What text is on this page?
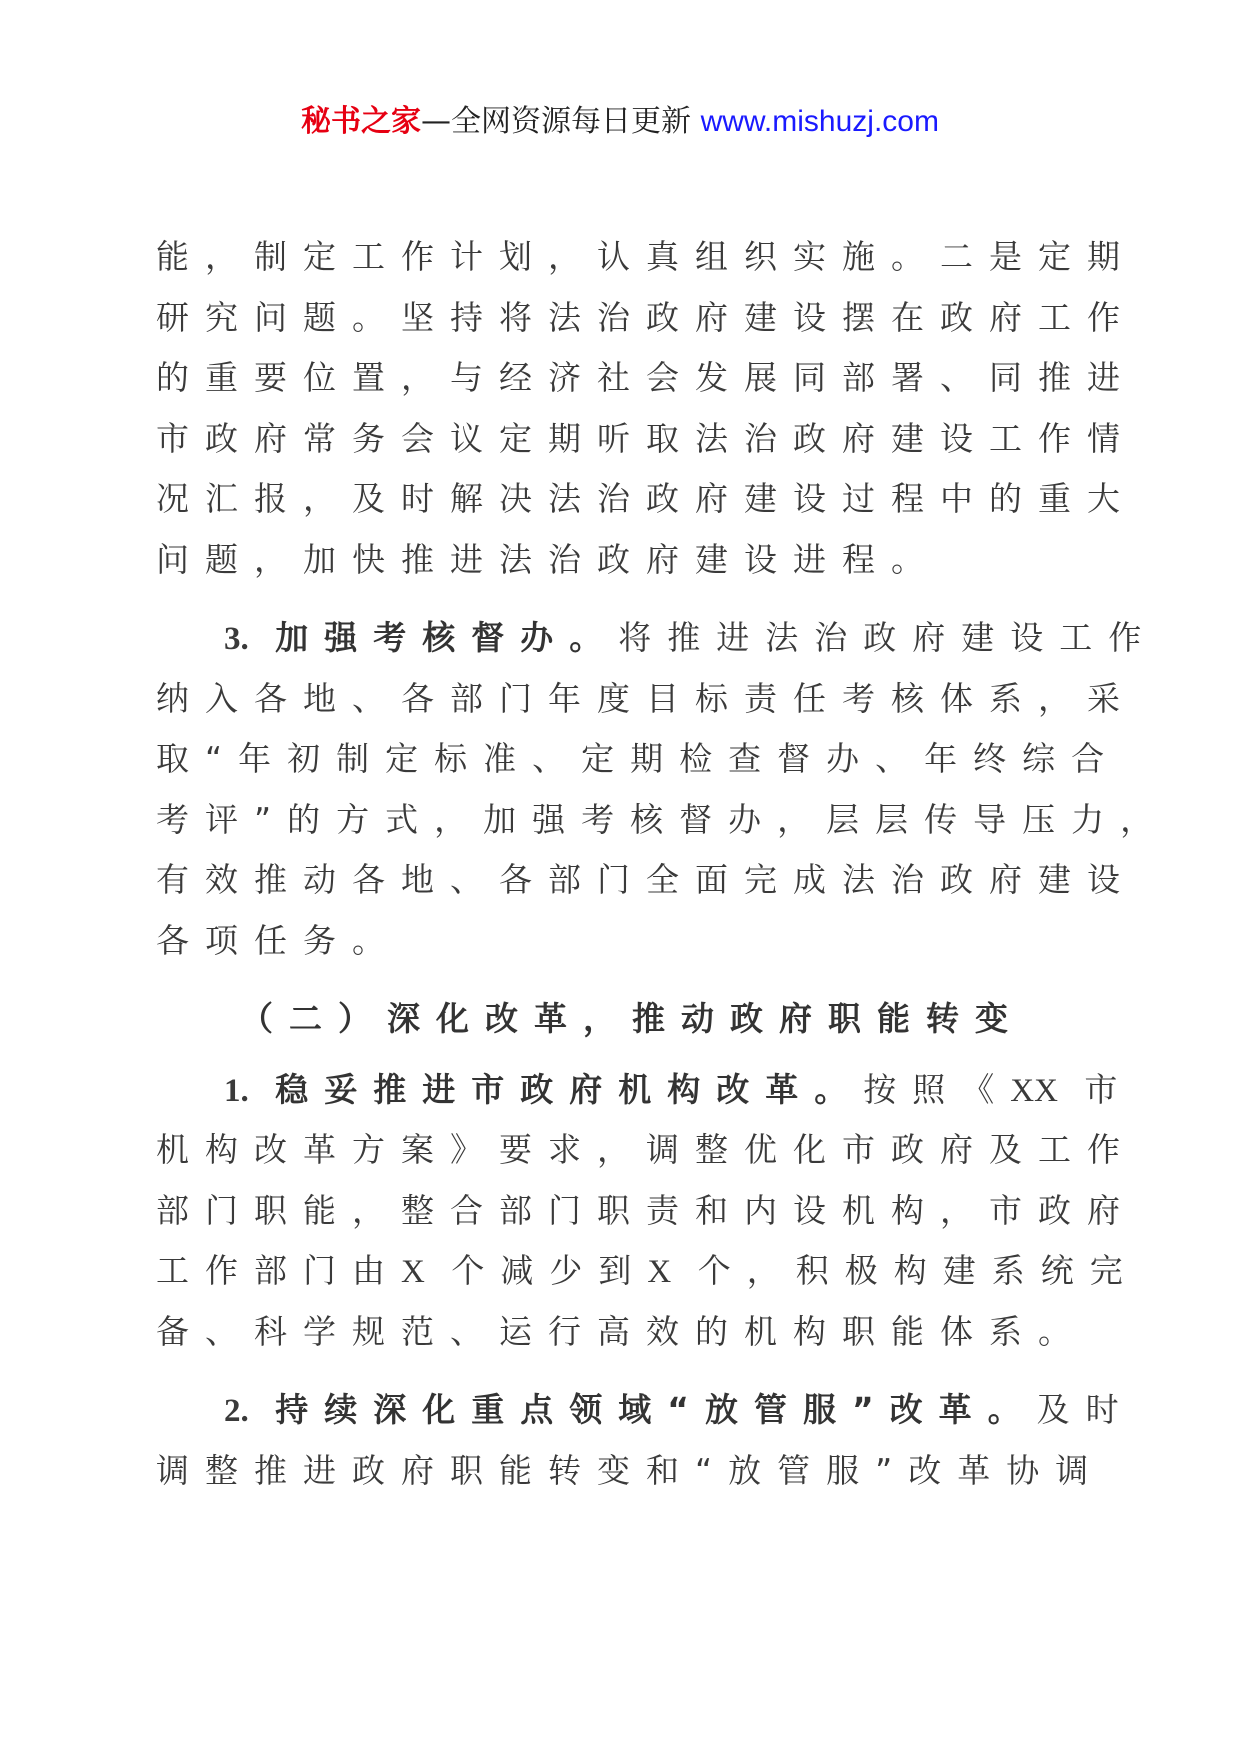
秘书之家—全网资源每日更新 www.mishuzj.com
能，制定工作计划，认真组织实施。二是定期
研究问题。坚持将法治政府建设摆在政府工作
的重要位置，与经济社会发展同部署、同推进
市政府常务会议定期听取法治政府建设工作情
况汇报，及时解决法治政府建设过程中的重大
问题，加快推进法治政府建设进程。
3. 加强考核督办。将推进法治政府建设工作
纳入各地、各部门年度目标责任考核体系，采
取“年初制定标准、定期检查督办、年终综合
考评”的方式，加强考核督办，层层传导压力，
有效推动各地、各部门全面完成法治政府建设
各项任务。
（二）深化改革，推动政府职能转变
1. 稳妥推进市政府机构改革。按照《XX 市
机构改革方案》要求，调整优化市政府及工作
部门职能，整合部门职责和内设机构，市政府
工作部门由X 个减少到X 个，积极构建系统完
备、科学规范、运行高效的机构职能体系。
2. 持续深化重点领域“放管服”改革。及时
调整推进政府职能转变和“放管服”改革协调
